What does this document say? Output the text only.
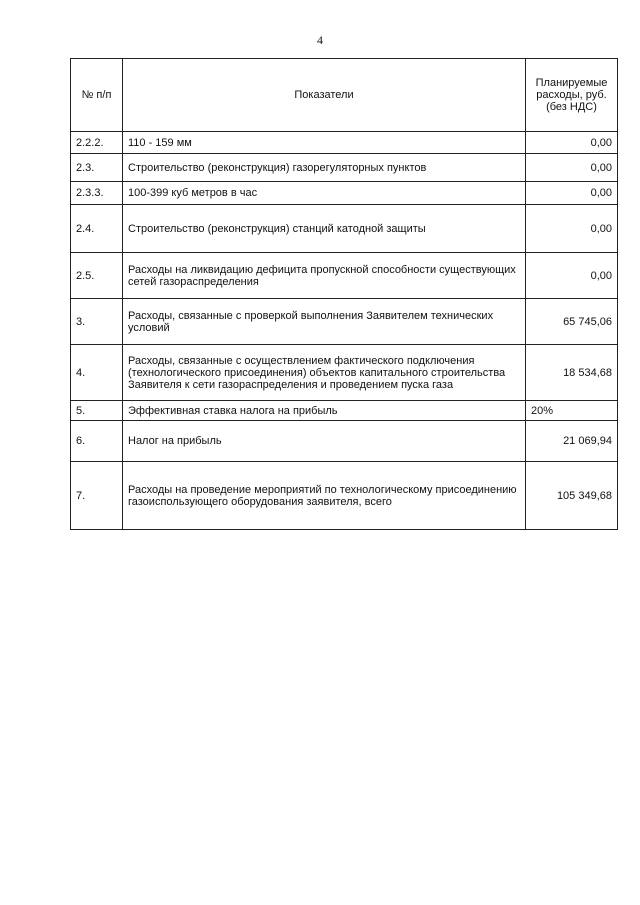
4
№ п/п	Показатели	Планируемые расходы, руб. (без НДС)
2.2.2.	110 - 159 мм	0,00
2.3.	Строительство (реконструкция) газорегуляторных пунктов	0,00
2.3.3.	100-399 куб метров в час	0,00
2.4.	Строительство (реконструкция) станций катодной защиты	0,00
2.5.	Расходы на ликвидацию дефицита пропускной способности существующих сетей газораспределения	0,00
3.	Расходы, связанные с проверкой выполнения Заявителем технических условий	65 745,06
4.	Расходы, связанные с осуществлением фактического подключения (технологического присоединения) объектов капитального строительства Заявителя к сети газораспределения и проведением пуска газа	18 534,68
5.	Эффективная ставка налога на прибыль	20%
6.	Налог на прибыль	21 069,94
7.	Расходы на проведение мероприятий по технологическому присоединению газоиспользующего оборудования заявителя, всего	105 349,68
